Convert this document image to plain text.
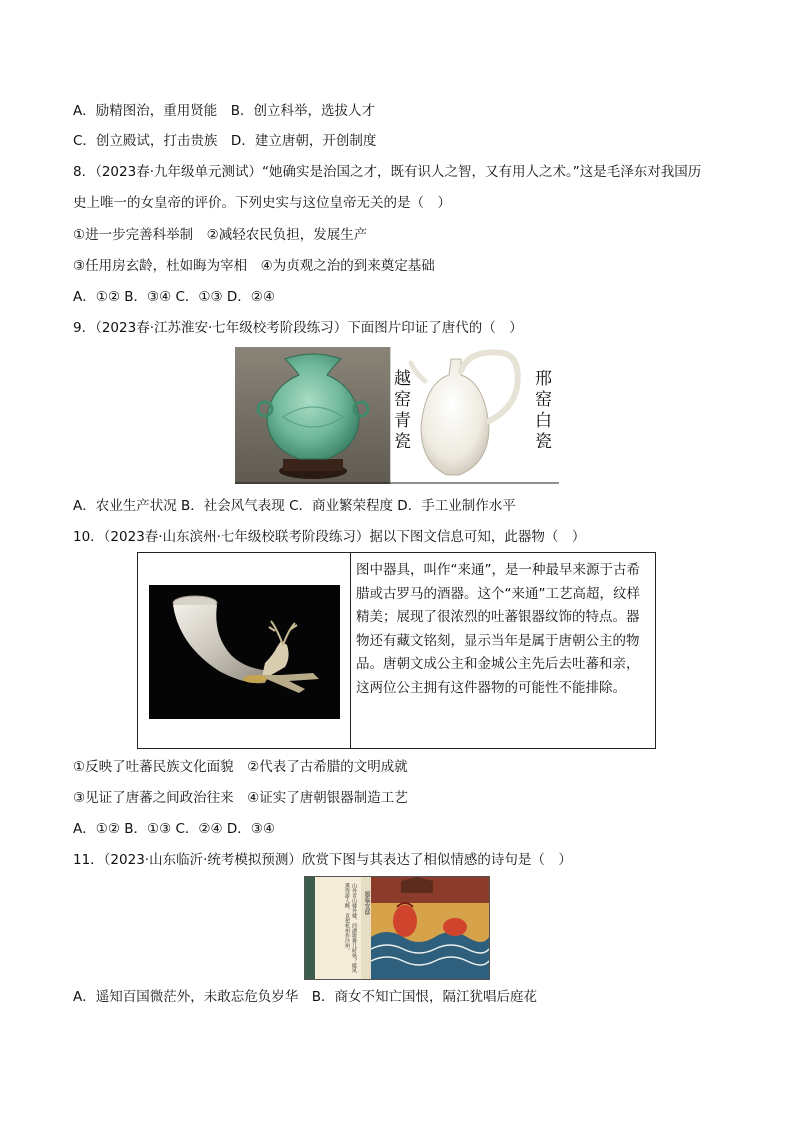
A．励精图治，重用贤能　B．创立科举，选拔人才
C．创立殿试，打击贵族　D．建立唐朝，开创制度
8．（2023春·九年级单元测试）“她确实是治国之才，既有识人之智，又有用人之术。”这是毛泽东对我国历
史上唯一的女皇帝的评价。下列史实与这位皇帝无关的是（　）
①进一步完善科举制　②减轻农民负担，发展生产
③任用房玄龄，杜如晦为宰相　④为贞观之治的到来奠定基础
A．①② B．③④ C．①③ D．②④
9．（2023春·江苏淮安·七年级校考阶段练习）下面图片印证了唐代的（　）
越窑青瓷
邢窑白瓷
A．农业生产状况 B．社会风气表现 C．商业繁荣程度 D．手工业制作水平
10．（2023春·山东滨州·七年级校联考阶段练习）据以下图文信息可知，此器物（　）
图中器具，叫作“来通”，是一种最早来源于古希腊或古罗马的酒器。这个“来通”工艺高超，纹样精美；展现了很浓烈的吐蕃银器纹饰的特点。器物还有藏文铭刻，显示当年是属于唐朝公主的物品。唐朝文成公主和金城公主先后去吐蕃和亲，这两位公主拥有这件器物的可能性不能排除。
①反映了吐蕃民族文化面貌　②代表了古希腊的文明成就
③见证了唐蕃之间政治往来　④证实了唐朝银器制造工艺
A．①② B．①③ C．②④ D．③④
11．（2023·山东临沂·统考模拟预测）欣赏下图与其表达了相似情感的诗句是（　）
山外青山楼外楼，西湖歌舞几时休？暖风熏得游人醉，直把杭州作汴州。	题临安邸
A．遥知百国微茫外，未敢忘危负岁华　B．商女不知亡国恨，隔江犹唱后庭花
